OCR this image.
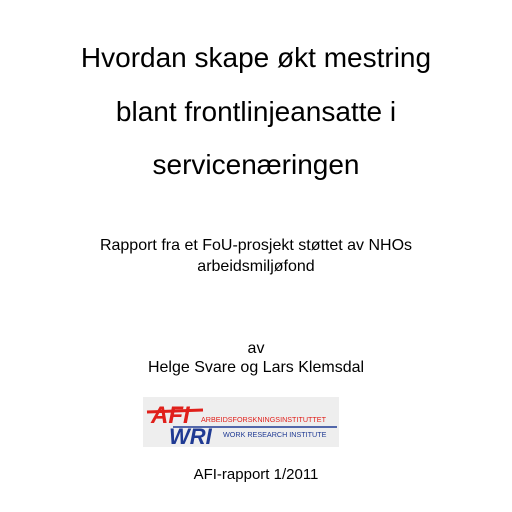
Hvordan skape økt mestring
blant frontlinjeansatte i
servicenæringen
Rapport fra et FoU-prosjekt støttet av NHOs
arbeidsmiljøfond
av
Helge Svare og Lars Klemsdal
AFI
WRI
ARBEIDSFORSKNINGSINSTITUTTET
WORK RESEARCH INSTITUTE
AFI-rapport 1/2011
